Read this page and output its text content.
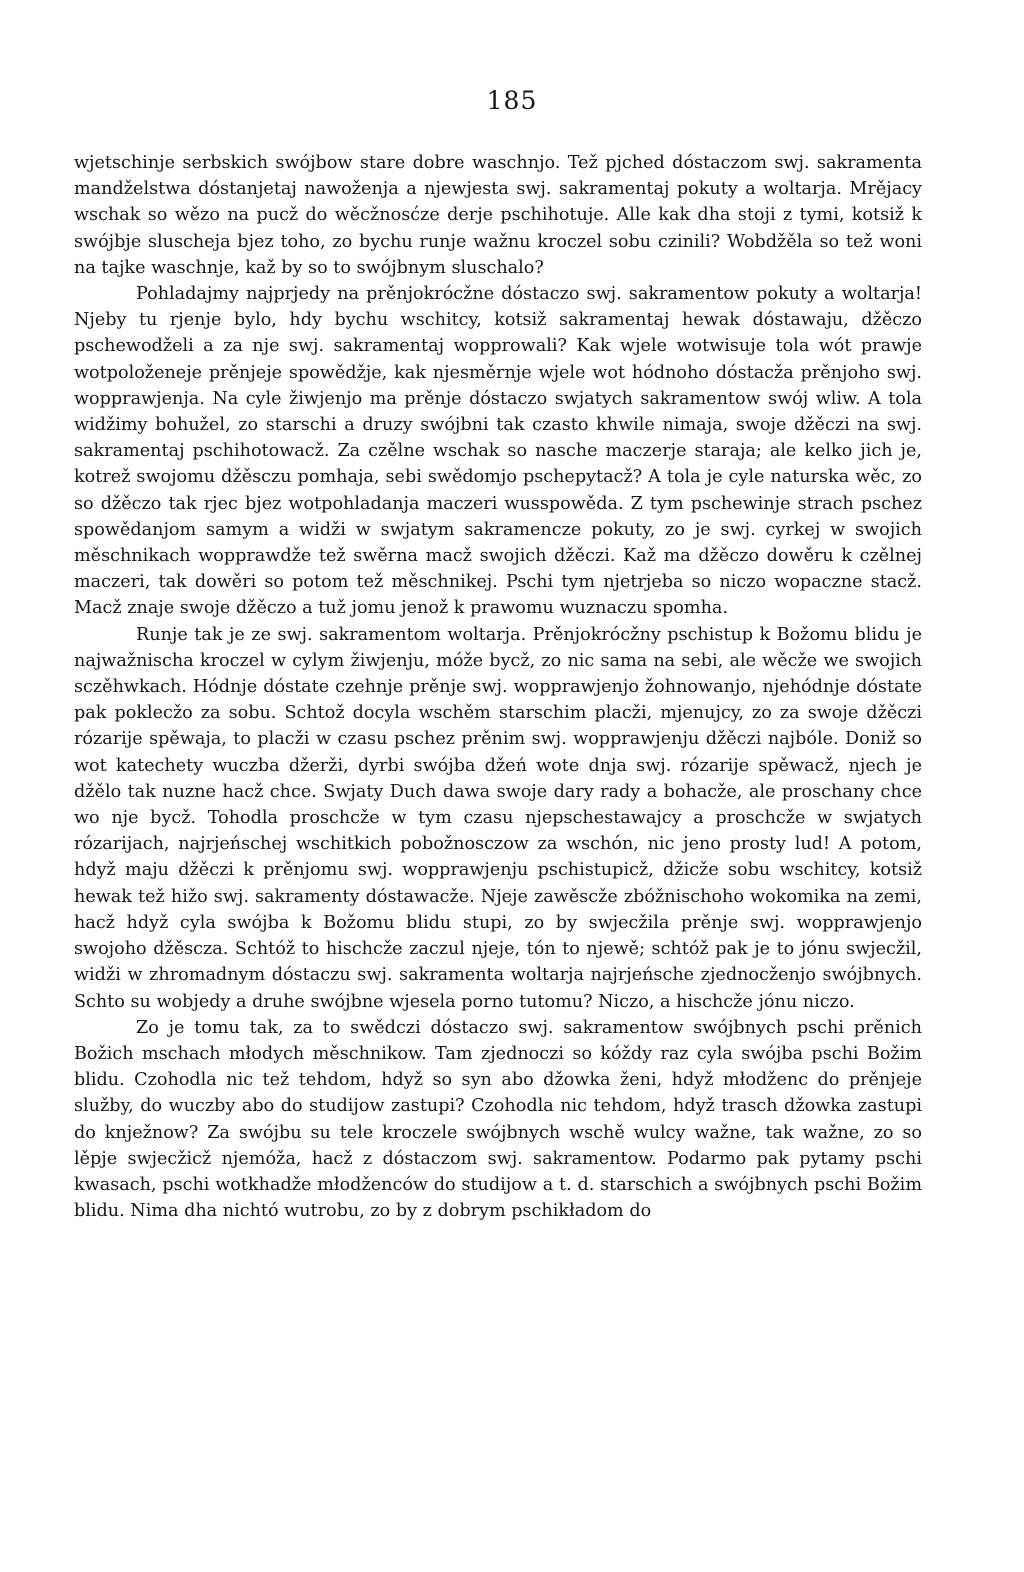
185

wjetschinje serbskich swójbow stare dobre waschnjo. Tež pjched dóstaczom swj. sakramenta mandželstwa dóstanjetaj nawoženja a njewjesta swj. sakramentaj pokuty a woltarja. Mrějacy wschak so wězo na pucž do wěcžnosćze derje pschihotuje. Alle kak dha stoji z tymi, kotsiž k swójbje sluscheja bjez toho, zo bychu runje wažnu kroczel sobu czinili? Wobdžěla so tež woni na tajke waschnje, kaž by so to swójbnym sluschalo?

Pohladajmy najprjedy na prěnjokrócžne dóstaczo swj. sakramentow pokuty a woltarja! Njeby tu rjenje bylo, hdy bychu wschitcy, kotsiž sakramentaj hewak dóstawaju, džěczo pschewodželi a za nje swj. sakramentaj wopprowali? Kak wjele wotwisuje tola wót prawje wotpoloženeje prěnjeje spowědžje, kak njesměrnje wjele wot hódnoho dóstacža prěnjoho swj. wopprawjenja. Na cyle žiwjenjo ma prěnje dóstaczo swjatych sakramentow swój wliw. A tola widžimy bohužel, zo starschi a druzy swójbni tak czasto khwile nimaja, swoje džěczi na swj. sakramentaj pschihotowacž. Za czělne wschak so nasche maczerje staraja; ale kelko jich je, kotrež swojomu džěsczu pomhaja, sebi swědomjo pschepytacž? A tola je cyle naturska wěc, zo so džěczo tak rjec bjez wotpohladanja maczeri wusspowěda. Z tym pschewinje strach pschez spowědanjom samym a widži w swjatym sakramencze pokuty, zo je swj. cyrkej w swojich měschnikach wopprawdže tež swěrna macž swojich džěczi. Kaž ma džěczo dowěru k czělnej maczeri, tak dowěri so potom tež měschnikej. Pschi tym njetrjeba so niczo wopaczne stacž. Macž znaje swoje džěczo a tuž jomu jenož k prawomu wuznaczu spomha.

Runje tak je ze swj. sakramentom woltarja. Prěnjokrócžny pschistup k Božomu blidu je najwažnischa kroczel w cylym žiwjenju, móže bycž, zo nic sama na sebi, ale wěcže we swojich sczěhwkach. Hódnje dóstate czehnje prěnje swj. wopprawjenjo žohnowanjo, njehódnje dóstate pak poklecžo za sobu. Schtož docyla wschěm starschim placži, mjenujcy, zo za swoje džěczi rózarije spěwaja, to placži w czasu pschez prěnim swj. wopprawjenju džěczi najbóle. Doniž so wot katechety wuczba džerži, dyrbi swójba džeń wote dnja swj. rózarije spěwacž, njech je džělo tak nuzne hacž chce. Swjaty Duch dawa swoje dary rady a bohacže, ale proschany chce wo nje bycž. Tohodla proschcže w tym czasu njepschestawajcy a proschcže w swjatych rózarijach, najrjeńschej wschitkich pobožnosczow za wschón, nic jeno prosty lud! A potom, hdyž maju džěczi k prěnjomu swj. wopprawjenju pschistupicž, džicže sobu wschitcy, kotsiž hewak tež hižo swj. sakramenty dóstawacže. Njeje zawěscže zbóžnischoho wokomika na zemi, hacž hdyž cyla swójba k Božomu blidu stupi, zo by swjecžila prěnje swj. wopprawjenjo swojoho džěsczа. Schtóž to hischcže zaczul njeje, tón to njewě; schtóž pak je to jónu swjecžil, widži w zhromadnym dóstaczu swj. sakramenta woltarja najrjeńsche zjednocženjo swójbnych. Schto su wobjedy a druhe swójbne wjesela porno tutomu? Niczo, a hischcže jónu niczo.

Zo je tomu tak, za to swědczi dóstaczo swj. sakramentow swójbnych pschi prěnich Božich mschach młodych měschnikow. Tam zjednoczi so kóždy raz cyla swójba pschi Božim blidu. Czohodla nic tež tehdom, hdyž so syn abo džowka ženi, hdyž młodženc do prěnjeje služby, do wuczby abo do studijow zastupi? Czohodla nic tehdom, hdyž trasch džowka zastupi do knježnow? Za swójbu su tele kroczele swójbnych wschě wulcy wažne, tak wažne, zo so lěpje swjecžicž njemóža, hacž z dóstaczom swj. sakramentow. Podarmo pak pytamy pschi kwasach, pschi wotkhadže młodženców do studijow a t. d. starschich a swójbnych pschi Božim blidu. Nima dha nichtó wutrobu, zo by z dobrym pschikładom do
